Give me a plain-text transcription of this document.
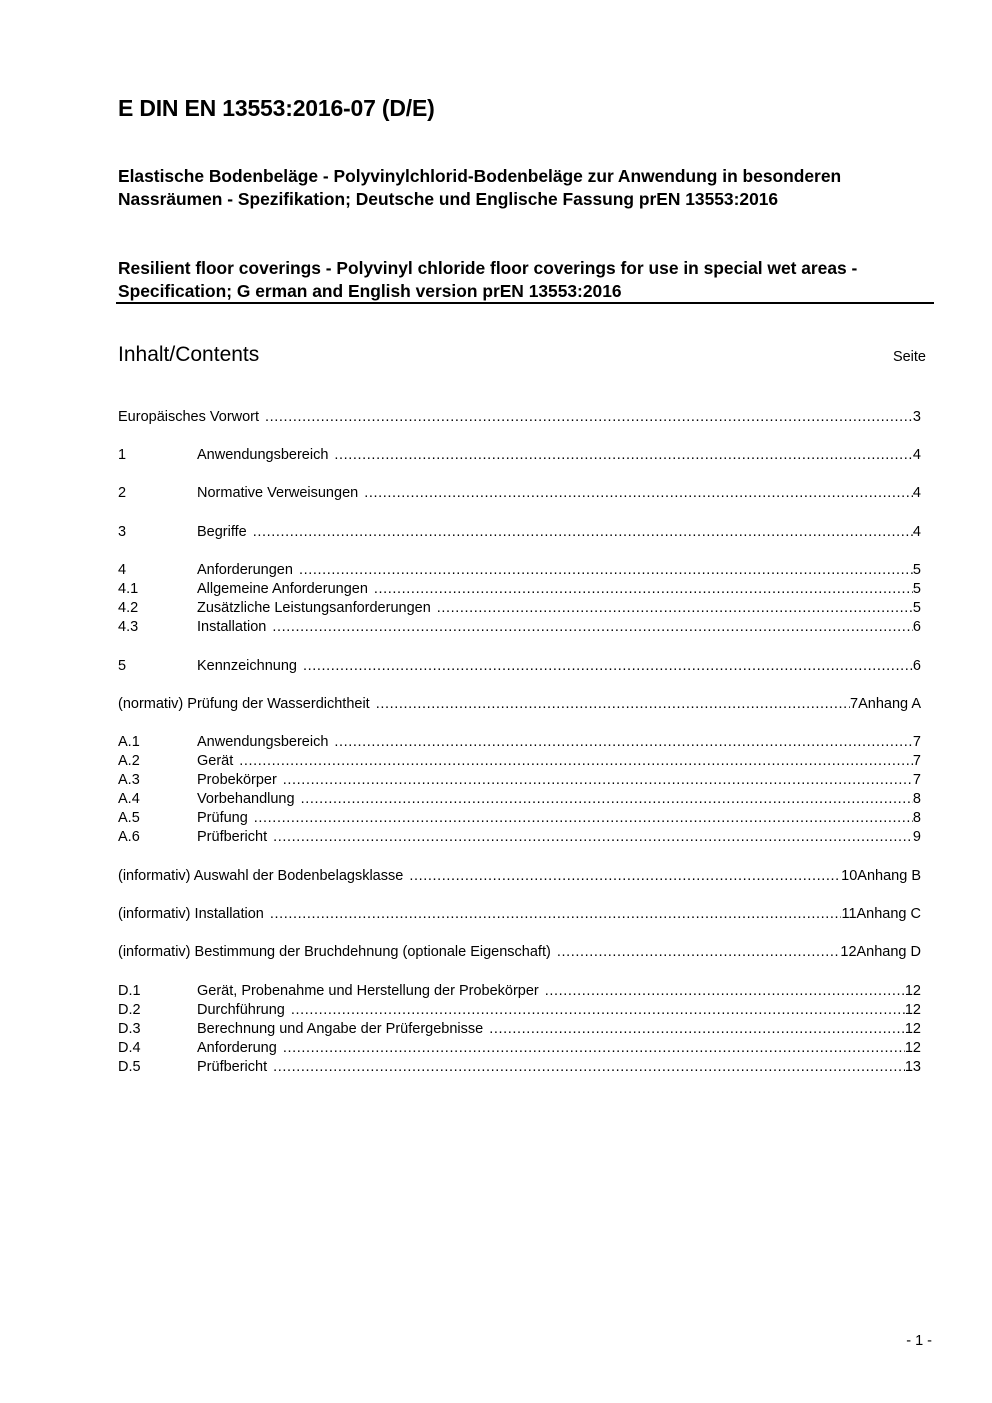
E DIN EN 13553:2016-07 (D/E)
Elastische Bodenbeläge - Polyvinylchlorid-Bodenbeläge zur Anwendung in besonderen Nassräumen - Spezifikation; Deutsche und Englische Fassung prEN 13553:2016
Resilient floor coverings - Polyvinyl chloride floor coverings for use in special wet areas - Specification; G erman and English version prEN 13553:2016
Inhalt/Contents	Seite
Europäisches Vorwort .....	3
1	Anwendungsbereich .....	4
2	Normative Verweisungen .....	4
3	Begriffe .....	4
4	Anforderungen .....	5
4.1	Allgemeine Anforderungen .....	5
4.2	Zusätzliche Leistungsanforderungen .....	5
4.3	Installation .....	6
5	Kennzeichnung .....	6
(normativ) Prüfung der Wasserdichtheit .....	7Anhang A
A.1	Anwendungsbereich .....	7
A.2	Gerät .....	7
A.3	Probekörper .....	7
A.4	Vorbehandlung .....	8
A.5	Prüfung .....	8
A.6	Prüfbericht .....	9
(informativ) Auswahl der Bodenbelagsklasse .....	10Anhang B
(informativ) Installation .....	11Anhang C
(informativ) Bestimmung der Bruchdehnung (optionale Eigenschaft) .....	12Anhang D
D.1	Gerät, Probenahme und Herstellung der Probekörper .....	12
D.2	Durchführung .....	12
D.3	Berechnung und Angabe der Prüfergebnisse .....	12
D.4	Anforderung .....	12
D.5	Prüfbericht .....	13
- 1 -
